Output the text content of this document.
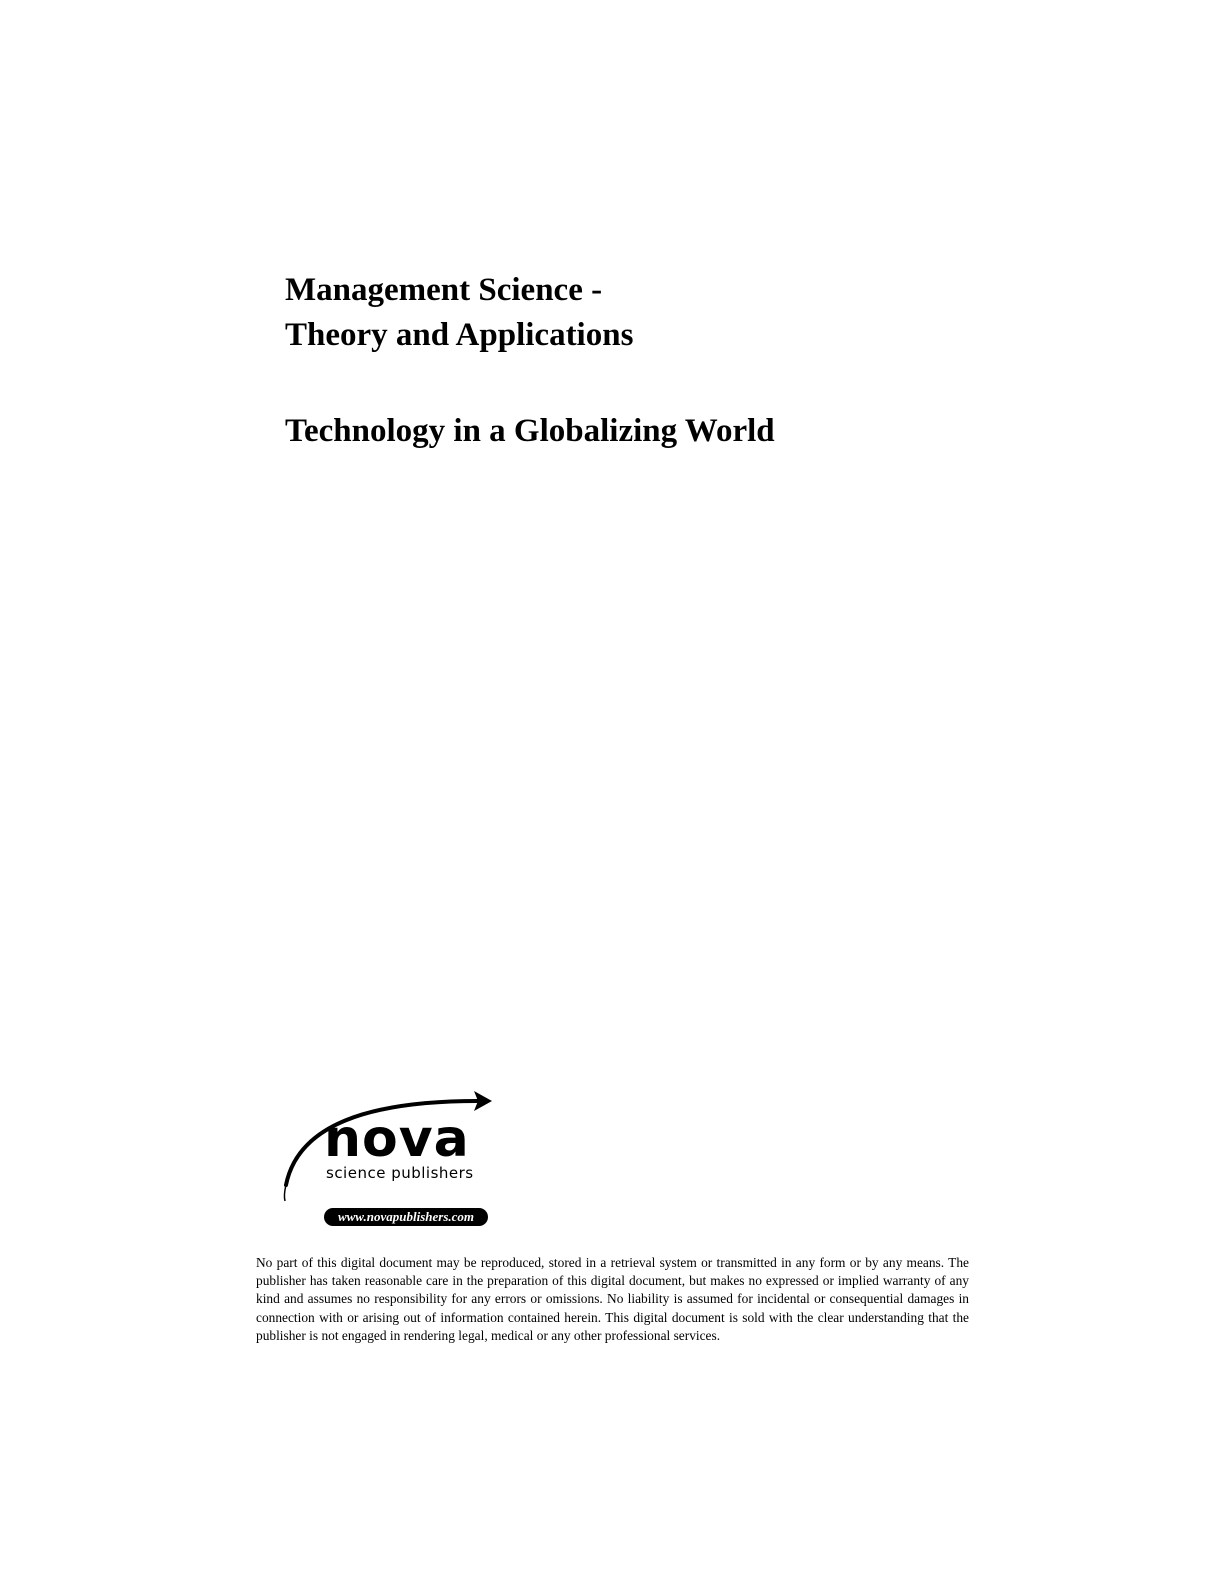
Management Science -
Theory and Applications
Technology in a Globalizing World
nova
science publishers
www.novapublishers.com

No part of this digital document may be reproduced, stored in a retrieval system or transmitted in any form or by any means. The publisher has taken reasonable care in the preparation of this digital document, but makes no expressed or implied warranty of any kind and assumes no responsibility for any errors or omissions. No liability is assumed for incidental or consequential damages in connection with or arising out of information contained herein. This digital document is sold with the clear understanding that the publisher is not engaged in rendering legal, medical or any other professional services.
